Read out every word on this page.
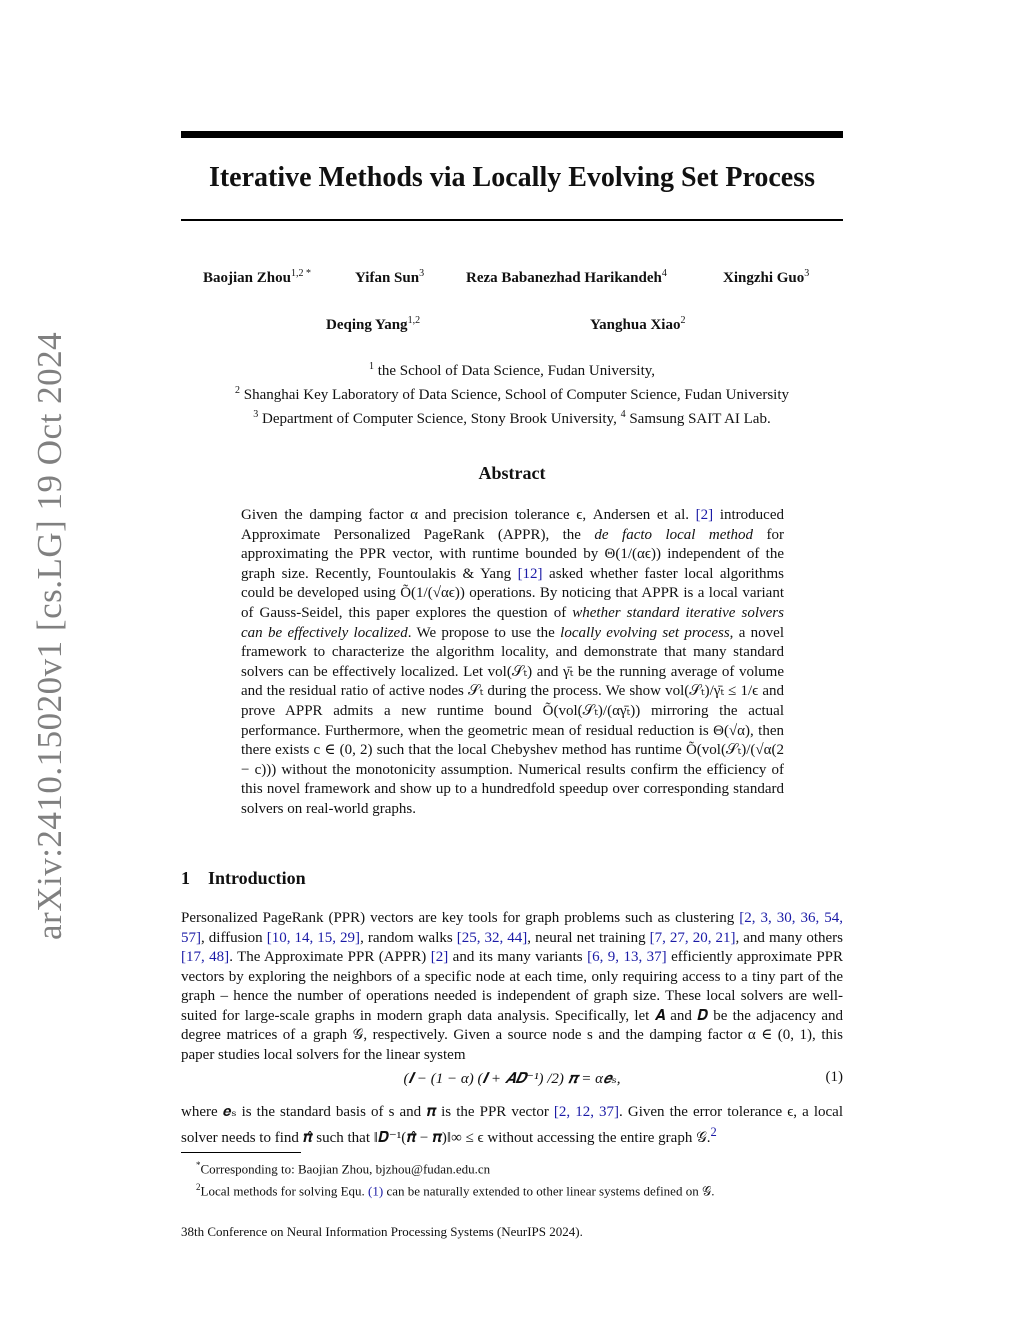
arXiv:2410.15020v1 [cs.LG] 19 Oct 2024
Iterative Methods via Locally Evolving Set Process
Baojian Zhou$^{1,2 *}$	Yifan Sun$^3$	Reza Babanezhad Harikandeh$^4$	Xingzhi Guo$^3$
Deqing Yang$^{1,2}$	Yanghua Xiao$^2$
$^1$ the School of Data Science, Fudan University,
$^2$ Shanghai Key Laboratory of Data Science, School of Computer Science, Fudan University
$^3$ Department of Computer Science, Stony Brook University, $^4$ Samsung SAIT AI Lab.
Abstract
Given the damping factor α and precision tolerance ϵ, Andersen et al. [2] introduced Approximate Personalized PageRank (APPR), the de facto local method for approximating the PPR vector, with runtime bounded by Θ(1/(αϵ)) independent of the graph size. Recently, Fountoulakis & Yang [12] asked whether faster local algorithms could be developed using Õ(1/(√αϵ)) operations. By noticing that APPR is a local variant of Gauss-Seidel, this paper explores the question of whether standard iterative solvers can be effectively localized. We propose to use the locally evolving set process, a novel framework to characterize the algorithm locality, and demonstrate that many standard solvers can be effectively localized. Let vol(𝒮ₜ) and γ̄ₜ be the running average of volume and the residual ratio of active nodes 𝒮ₜ during the process. We show vol(𝒮ₜ)/γ̄ₜ ≤ 1/ϵ and prove APPR admits a new runtime bound Õ(vol(𝒮ₜ)/(αγ̄ₜ)) mirroring the actual performance. Furthermore, when the geometric mean of residual reduction is Θ(√α), then there exists c ∈ (0, 2) such that the local Chebyshev method has runtime Õ(vol(𝒮ₜ)/(√α(2 − c))) without the monotonicity assumption. Numerical results confirm the efficiency of this novel framework and show up to a hundredfold speedup over corresponding standard solvers on real-world graphs.
1 Introduction
Personalized PageRank (PPR) vectors are key tools for graph problems such as clustering [2, 3, 30, 36, 54, 57], diffusion [10, 14, 15, 29], random walks [25, 32, 44], neural net training [7, 27, 20, 21], and many others [17, 48]. The Approximate PPR (APPR) [2] and its many variants [6, 9, 13, 37] efficiently approximate PPR vectors by exploring the neighbors of a specific node at each time, only requiring access to a tiny part of the graph – hence the number of operations needed is independent of graph size. These local solvers are well-suited for large-scale graphs in modern graph data analysis. Specifically, let 𝑨 and 𝑫 be the adjacency and degree matrices of a graph 𝒢, respectively. Given a source node s and the damping factor α ∈ (0, 1), this paper studies local solvers for the linear system
(𝑰 − (1 − α) (𝑰 + 𝑨𝑫⁻¹) /2) 𝝅 = α𝒆ₛ,	(1)
where 𝒆ₛ is the standard basis of s and 𝝅 is the PPR vector [2, 12, 37]. Given the error tolerance ϵ, a local solver needs to find 𝝅̂ such that ‖𝑫⁻¹(𝝅̂ − 𝝅)‖∞ ≤ ϵ without accessing the entire graph 𝒢.$^2$
*Corresponding to: Baojian Zhou, bjzhou@fudan.edu.cn
$^2$Local methods for solving Equ. (1) can be naturally extended to other linear systems defined on 𝒢.
38th Conference on Neural Information Processing Systems (NeurIPS 2024).
